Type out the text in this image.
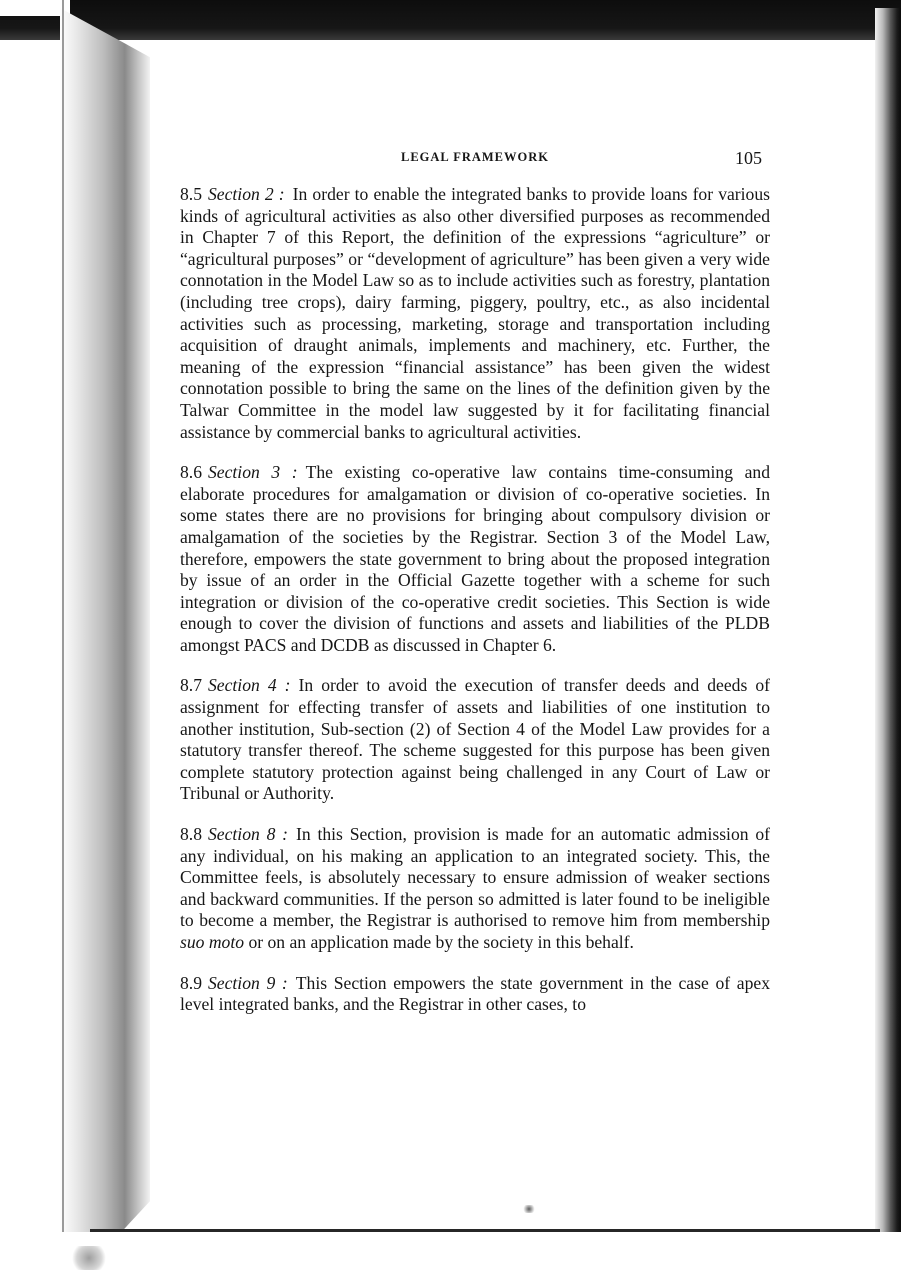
LEGAL FRAMEWORK	105

8.5 Section 2 : In order to enable the integrated banks to provide loans for various kinds of agricultural activities as also other diversified purposes as recommended in Chapter 7 of this Report, the definition of the expressions “agriculture” or “agricultural purposes” or “development of agriculture” has been given a very wide connotation in the Model Law so as to include activities such as forestry, plantation (including tree crops), dairy farming, piggery, poultry, etc., as also incidental activities such as processing, marketing, storage and transportation including acquisition of draught animals, implements and machinery, etc. Further, the meaning of the expression “financial assistance” has been given the widest connotation possible to bring the same on the lines of the definition given by the Talwar Committee in the model law suggested by it for facilitating financial assistance by commercial banks to agricultural activities.

8.6 Section 3 : The existing co-operative law contains time-consuming and elaborate procedures for amalgamation or division of co-operative societies. In some states there are no provisions for bringing about compulsory division or amalgamation of the societies by the Registrar. Section 3 of the Model Law, therefore, empowers the state government to bring about the proposed integration by issue of an order in the Official Gazette together with a scheme for such integration or division of the co-operative credit societies. This Section is wide enough to cover the division of functions and assets and liabilities of the PLDB amongst PACS and DCDB as discussed in Chapter 6.

8.7 Section 4 : In order to avoid the execution of transfer deeds and deeds of assignment for effecting transfer of assets and liabilities of one institution to another institution, Sub-section (2) of Section 4 of the Model Law provides for a statutory transfer thereof. The scheme suggested for this purpose has been given complete statutory protection against being challenged in any Court of Law or Tribunal or Authority.

8.8 Section 8 : In this Section, provision is made for an automatic admission of any individual, on his making an application to an integrated society. This, the Committee feels, is absolutely necessary to ensure admission of weaker sections and backward communities. If the person so admitted is later found to be ineligible to become a member, the Registrar is authorised to remove him from membership suo moto or on an application made by the society in this behalf.

8.9 Section 9 : This Section empowers the state government in the case of apex level integrated banks, and the Registrar in other cases, to
